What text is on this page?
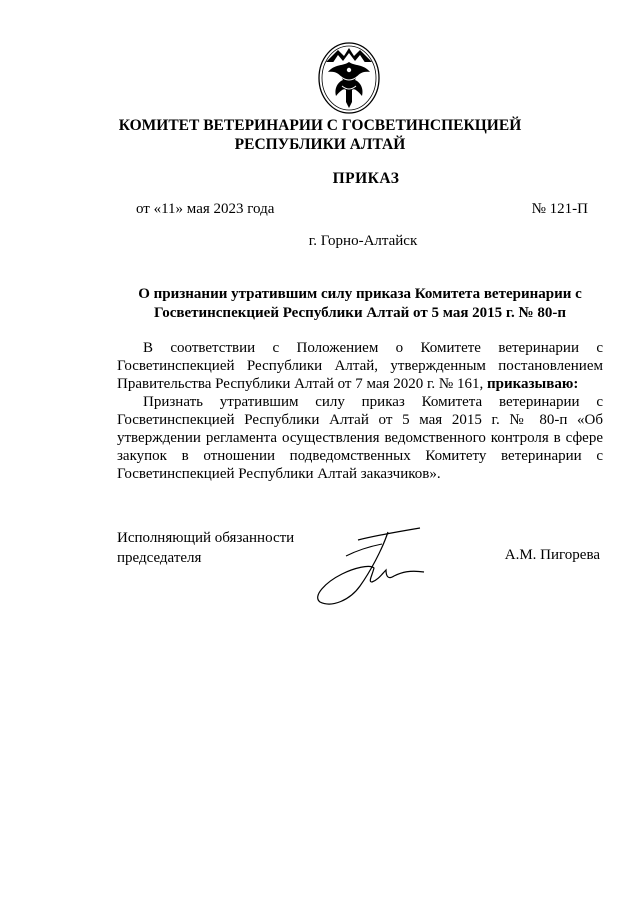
КОМИТЕТ ВЕТЕРИНАРИИ С ГОСВЕТИНСПЕКЦИЕЙ
РЕСПУБЛИКИ АЛТАЙ
ПРИКАЗ
от «11» мая 2023 года	№ 121-П
г. Горно-Алтайск
О признании утратившим силу приказа Комитета ветеринарии с
Госветинспекцией Республики Алтай от 5 мая 2015 г. № 80-п

В соответствии с Положением о Комитете ветеринарии с Госветинспекцией Республики Алтай, утвержденным постановлением Правительства Республики Алтай от 7 мая 2020 г. № 161, приказываю:

Признать утратившим силу приказ Комитета ветеринарии с Госветинспекцией Республики Алтай от 5 мая 2015 г. № 80-п «Об утверждении регламента осуществления ведомственного контроля в сфере закупок в отношении подведомственных Комитету ветеринарии с Госветинспекцией Республики Алтай заказчиков».

Исполняющий обязанности
председателя	А.М. Пигорева
